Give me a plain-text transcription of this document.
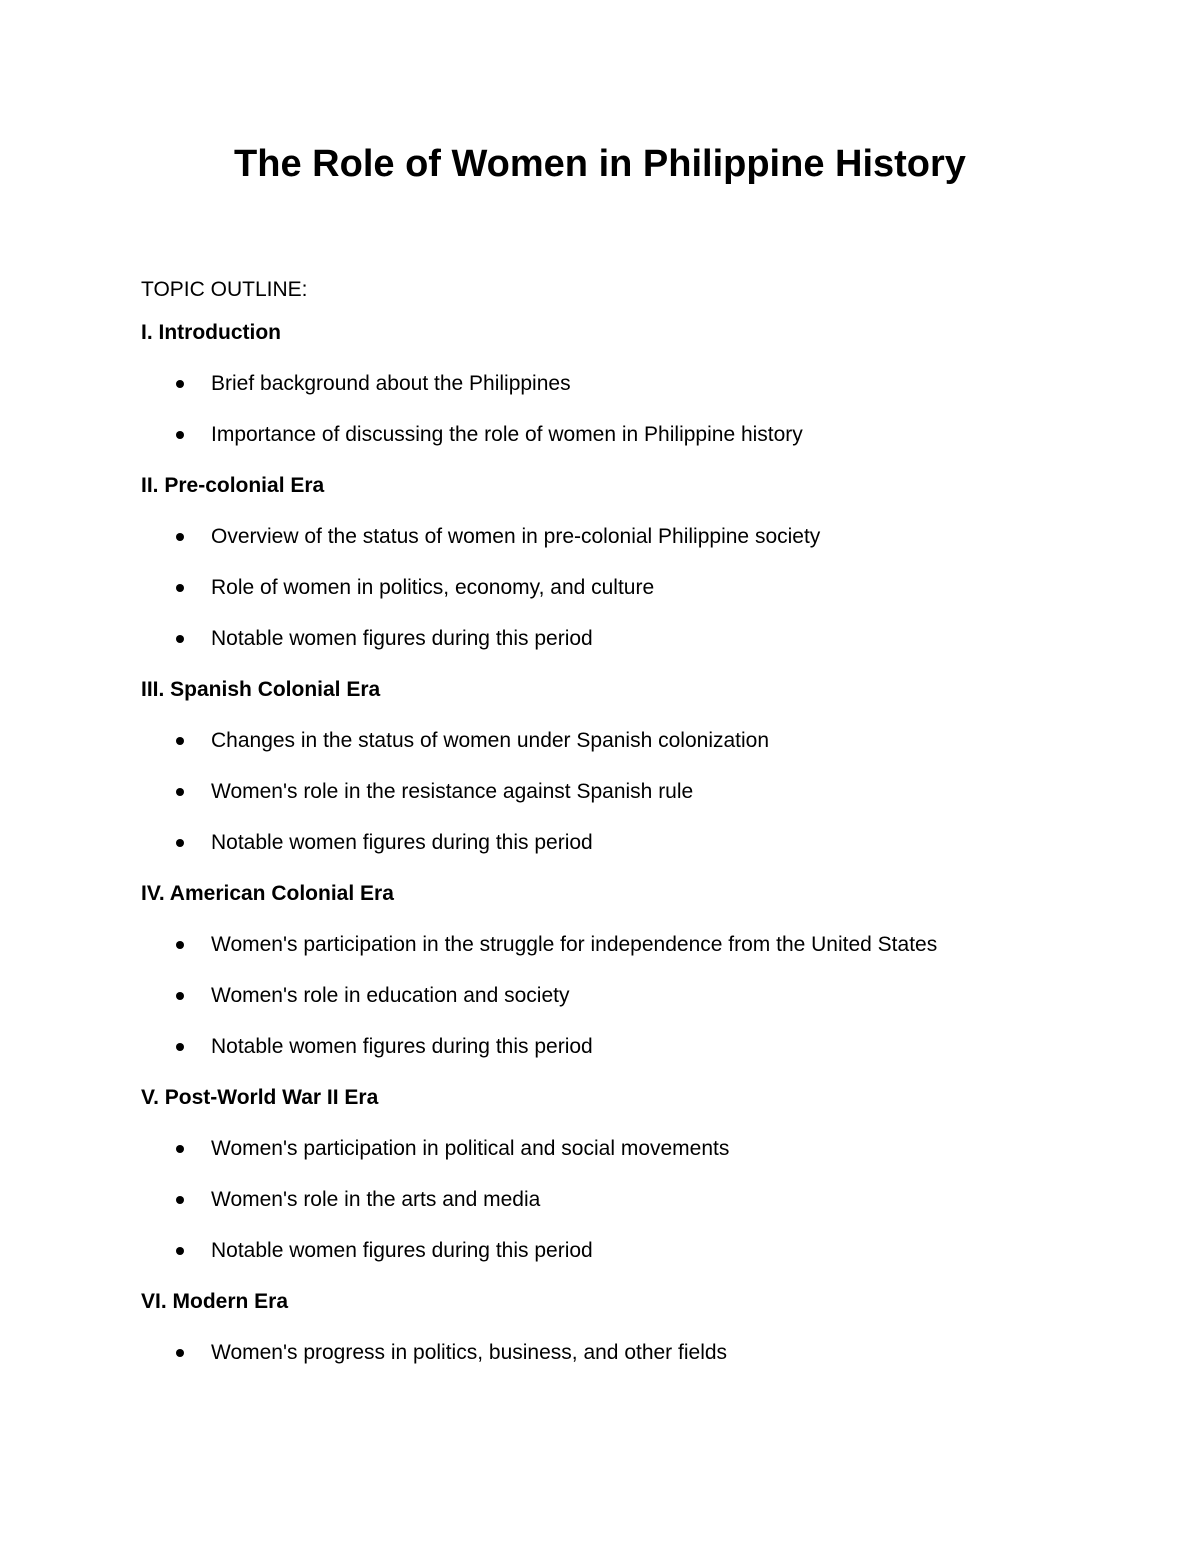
The Role of Women in Philippine History
TOPIC OUTLINE:
I. Introduction
Brief background about the Philippines
Importance of discussing the role of women in Philippine history
II. Pre-colonial Era
Overview of the status of women in pre-colonial Philippine society
Role of women in politics, economy, and culture
Notable women figures during this period
III. Spanish Colonial Era
Changes in the status of women under Spanish colonization
Women's role in the resistance against Spanish rule
Notable women figures during this period
IV. American Colonial Era
Women's participation in the struggle for independence from the United States
Women's role in education and society
Notable women figures during this period
V. Post-World War II Era
Women's participation in political and social movements
Women's role in the arts and media
Notable women figures during this period
VI. Modern Era
Women's progress in politics, business, and other fields
